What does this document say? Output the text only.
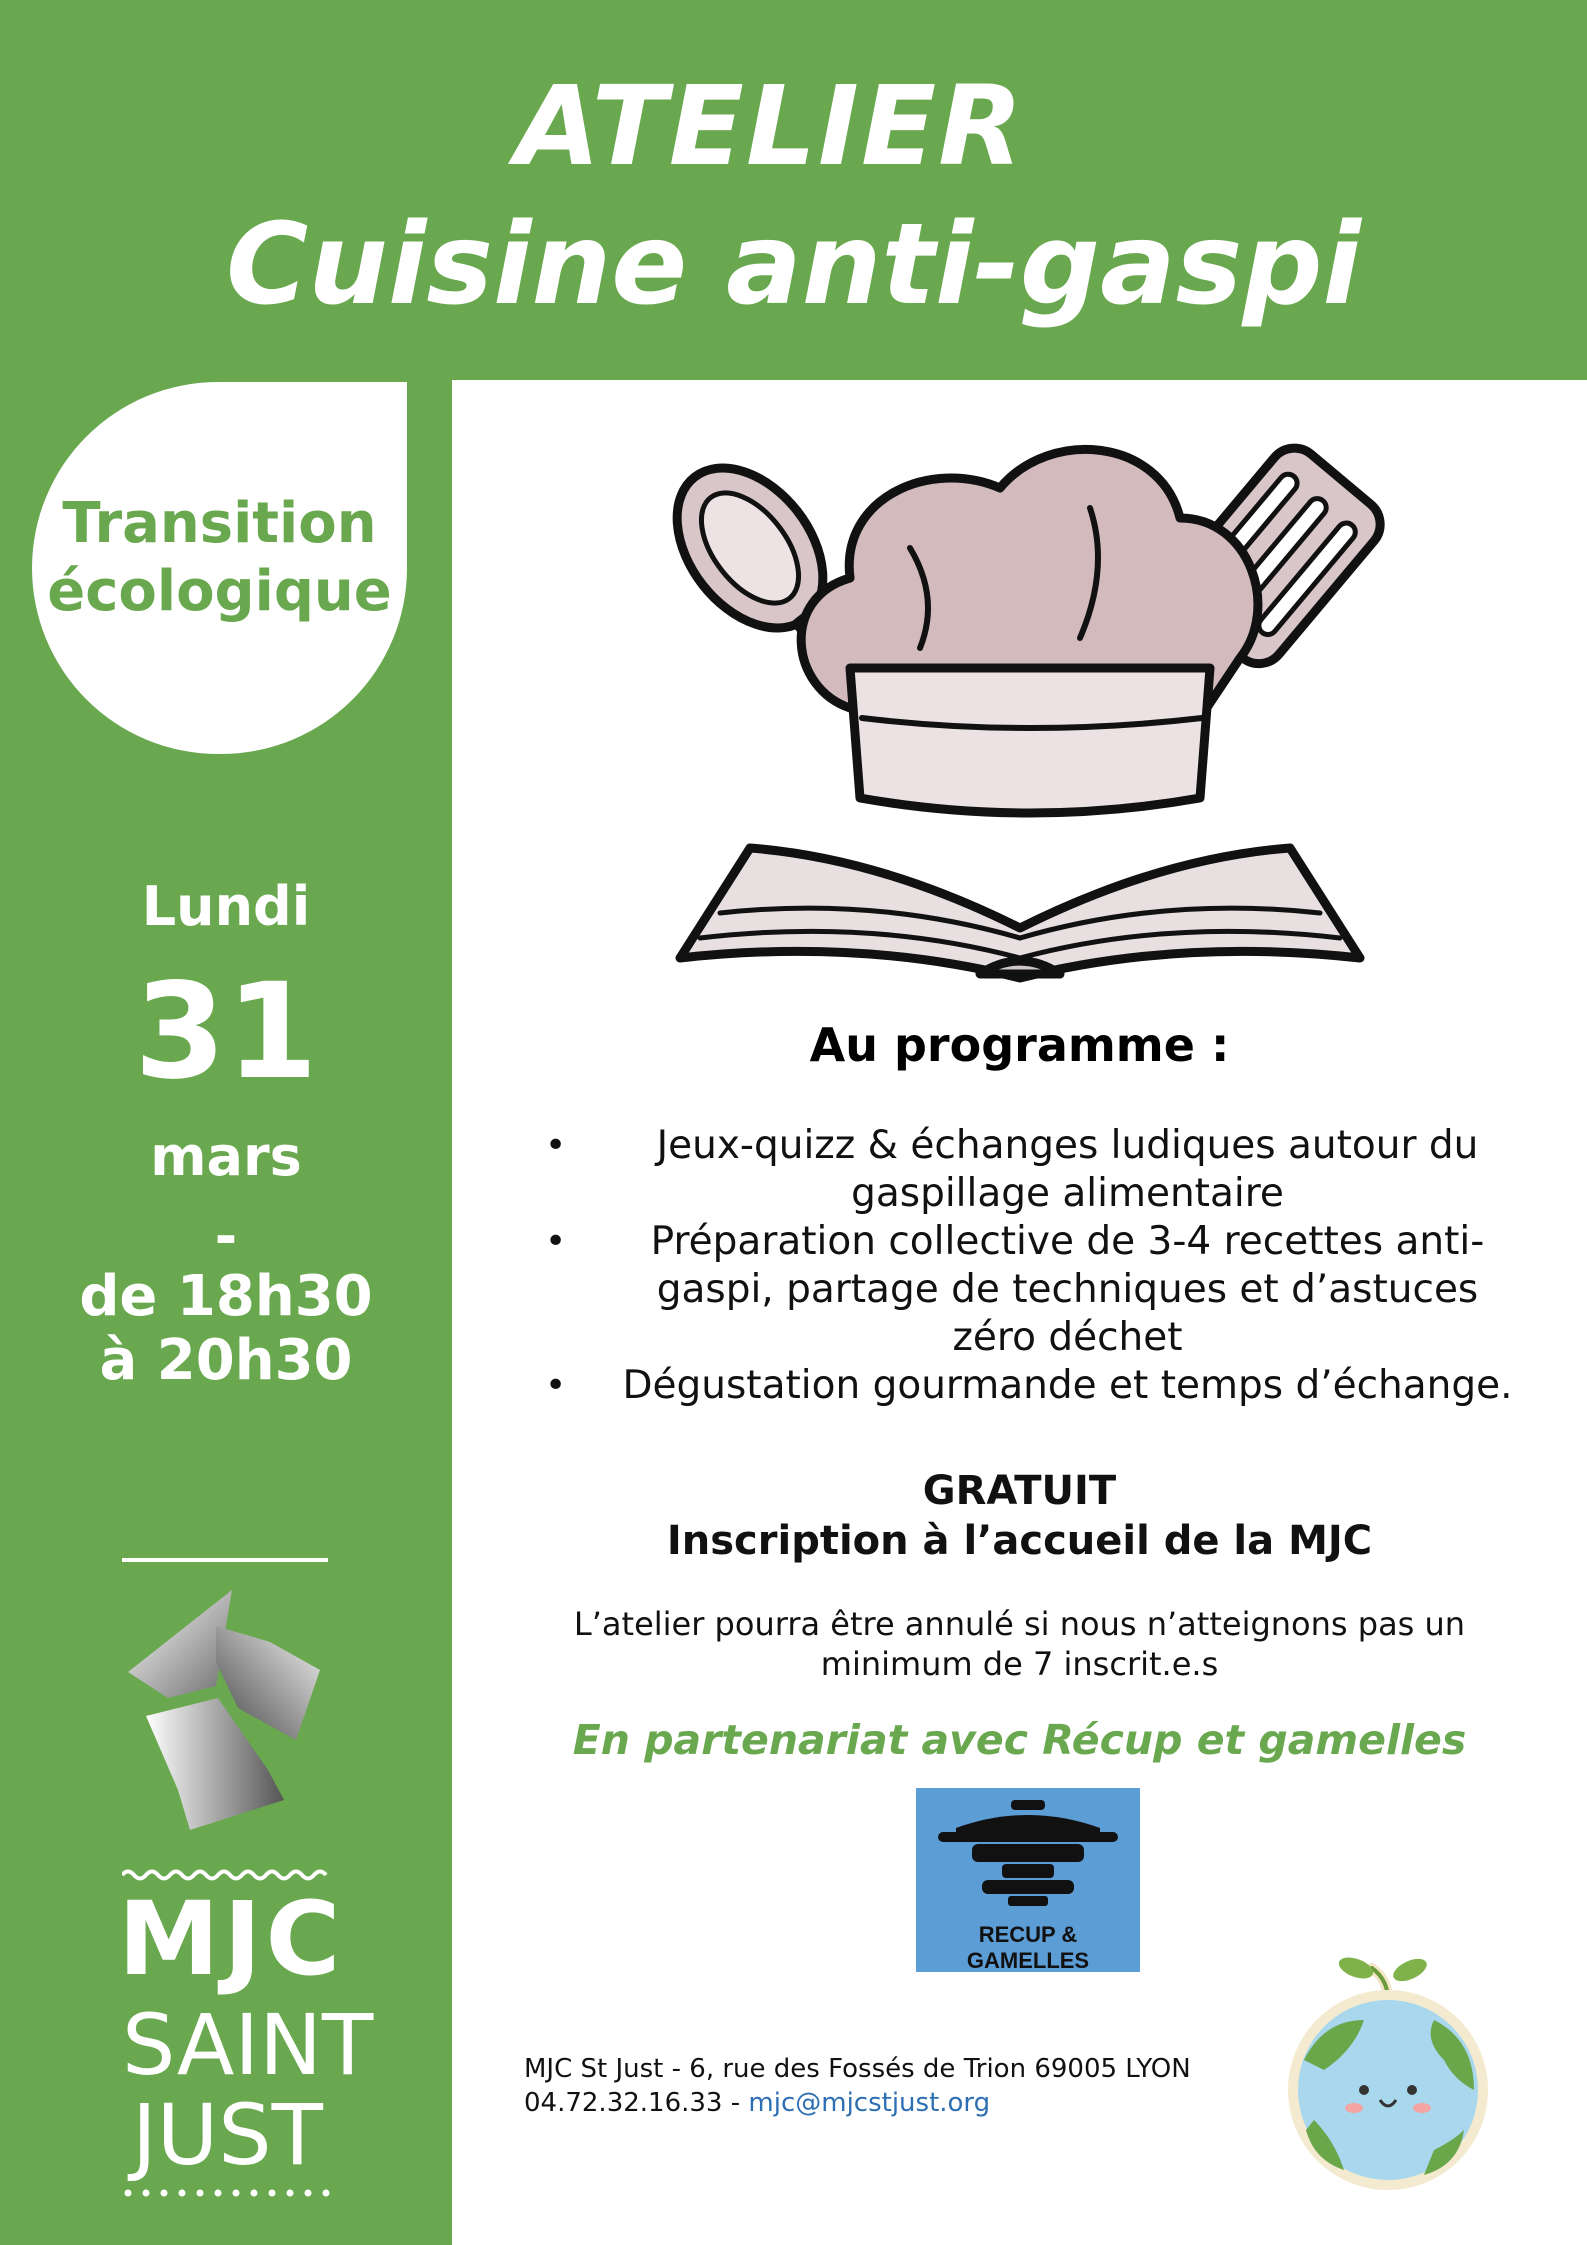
ATELIER
Cuisine anti-gaspi
Transition
écologique
Lundi
31
mars
-
de 18h30
à 20h30
MJC
SAINT
JUST
Au programme :
•	Jeux-quizz & échanges ludiques autour du
gaspillage alimentaire
•	Préparation collective de 3-4 recettes anti-
gaspi, partage de techniques et d’astuces
zéro déchet
•	Dégustation gourmande et temps d’échange.
GRATUIT
Inscription à l’accueil de la MJC
L’atelier pourra être annulé si nous n’atteignons pas un
minimum de 7 inscrit.e.s
En partenariat avec Récup et gamelles
RECUP & GAMELLES
MJC St Just - 6, rue des Fossés de Trion 69005 LYON
04.72.32.16.33 - mjc@mjcstjust.org
